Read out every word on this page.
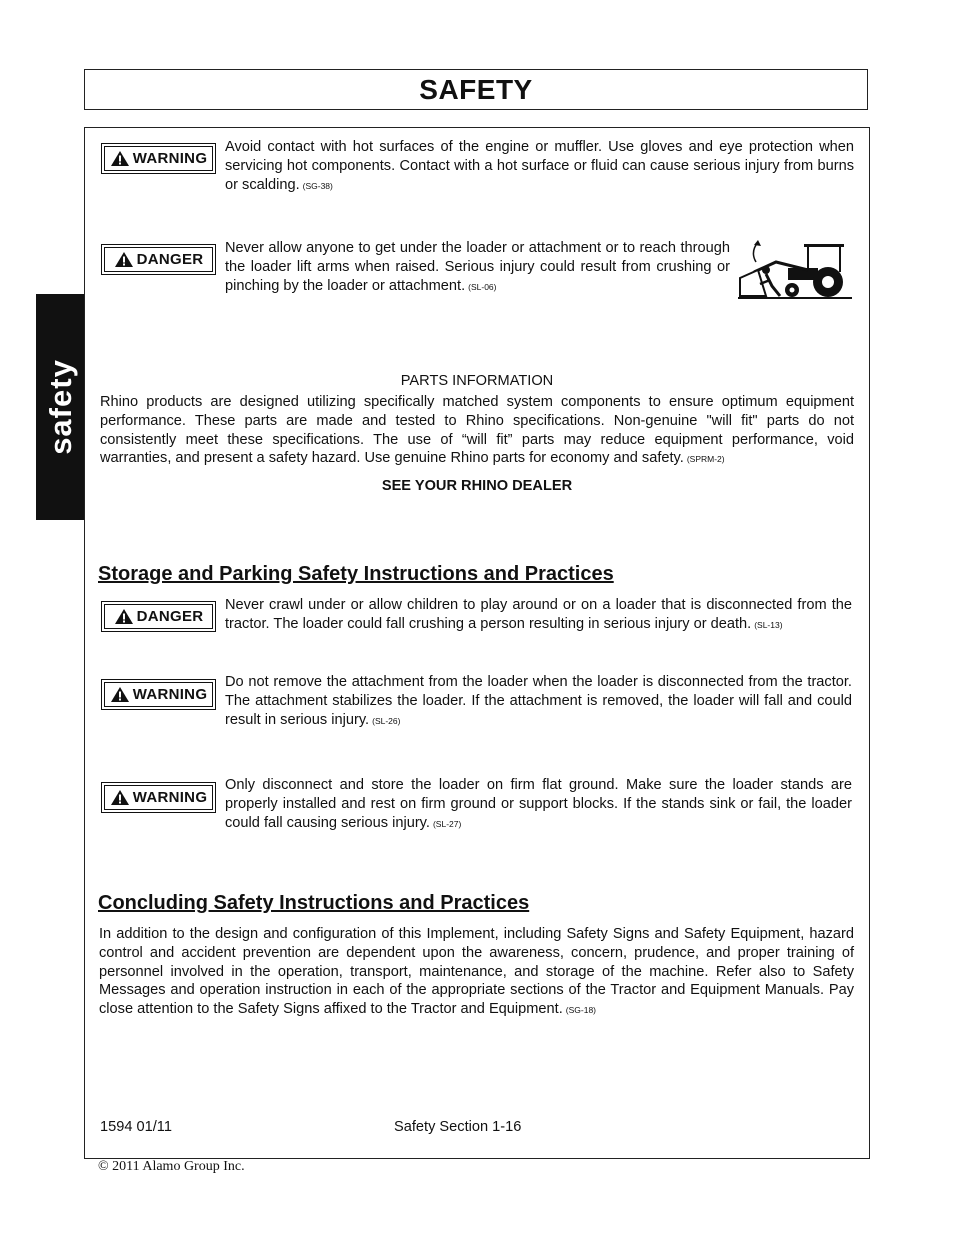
SAFETY
safety
WARNING

Avoid contact with hot surfaces of the engine or muffler. Use gloves and eye protection when servicing hot components. Contact with a hot surface or fluid can cause serious injury from burns or scalding. (SG-38)

DANGER

Never allow anyone to get under the loader or attachment or to reach through the loader lift arms when raised. Serious injury could result from crushing or pinching by the loader or attachment. (SL-06)

PARTS INFORMATION

Rhino products are designed utilizing specifically matched system components to ensure optimum equipment performance. These parts are made and tested to Rhino specifications. Non-genuine "will fit" parts do not consistently meet these specifications. The use of “will fit” parts may reduce equipment performance, void warranties, and present a safety hazard. Use genuine Rhino parts for economy and safety. (SPRM-2)

SEE YOUR RHINO DEALER
Storage and Parking Safety Instructions and Practices
DANGER

Never crawl under or allow children to play around or on a loader that is disconnected from the tractor. The loader could fall crushing a person resulting in serious injury or death. (SL-13)

WARNING

Do not remove the attachment from the loader when the loader is disconnected from the tractor. The attachment stabilizes the loader. If the attachment is removed, the loader will fall and could result in serious injury. (SL-26)

WARNING

Only disconnect and store the loader on firm flat ground. Make sure the loader stands are properly installed and rest on firm ground or support blocks. If the stands sink or fail, the loader could fall causing serious injury. (SL-27)

Concluding Safety Instructions and Practices

In addition to the design and configuration of this Implement, including Safety Signs and Safety Equipment, hazard control and accident prevention are dependent upon the awareness, concern, prudence, and proper training of personnel involved in the operation, transport, maintenance, and storage of the machine. Refer also to Safety Messages and operation instruction in each of the appropriate sections of the Tractor and Equipment Manuals. Pay close attention to the Safety Signs affixed to the Tractor and Equipment. (SG-18)

1594 01/11	Safety Section 1-16
© 2011 Alamo Group Inc.
